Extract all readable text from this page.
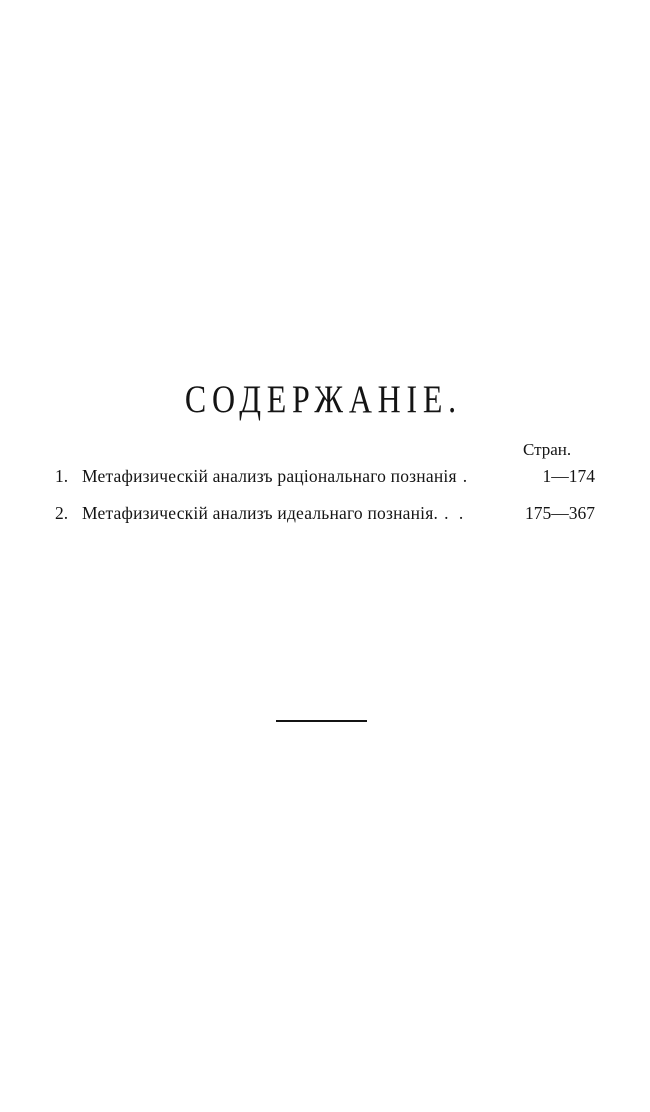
СОДЕРЖАНIЕ.
Стран.
1. Метафизическiй анализъ рацiональнаго познанiя .	1—174
2. Метафизическiй анализъ идеальнаго познанiя. . .	175—367
